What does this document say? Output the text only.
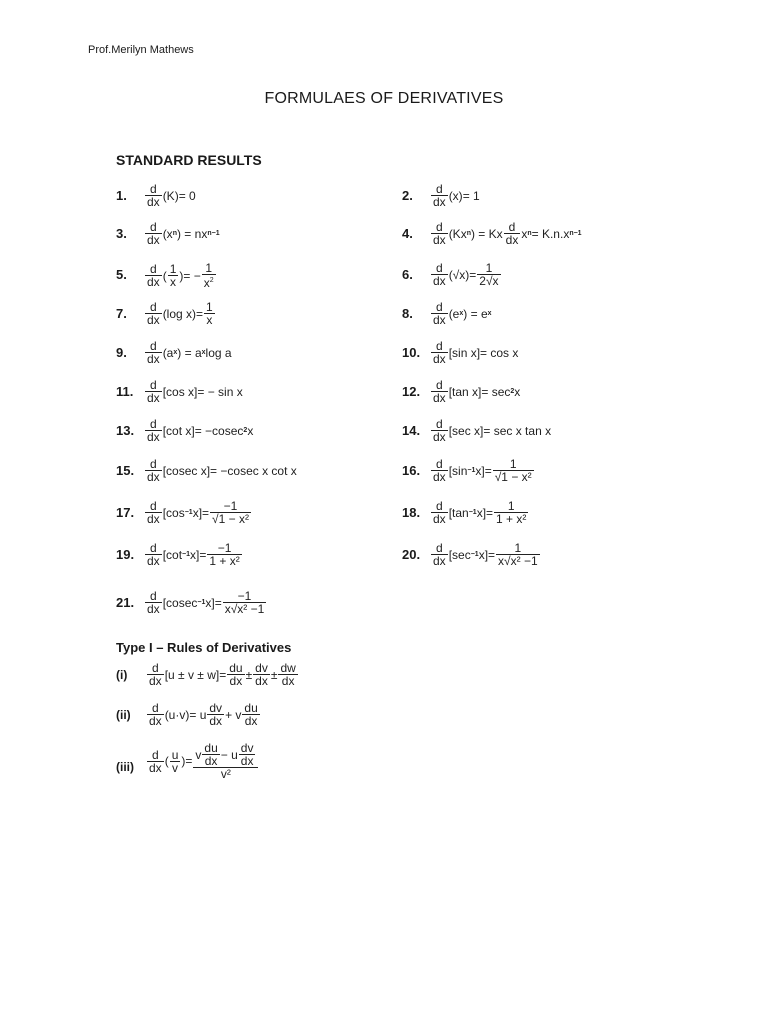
Prof.Merilyn Mathews
FORMULAES OF DERIVATIVES
STANDARD RESULTS
1. $\frac{d}{dx} (K) = 0$	2. $\frac{d}{dx} (x) = 1$
3. $\frac{d}{dx} (x$ n ) = nx n−1	4. $\frac{d}{dx} (Kx$ n ) = K x $\frac{d}{dx}$ x n = K.n.x n−1
5. $\frac{d}{dx}$ ( $\frac{1}{x}$ ) = − $\frac{1}{x^2}$	6. $\frac{d}{dx} (√x) = \frac{1}{2√x}$
7. $\frac{d}{dx} (\log$ $x) = \frac{1}{x}$	8. $\frac{d}{dx} (e$ x ) = e x
9. $\frac{d}{dx} (a$ x ) = a x log a	10. $\frac{d}{dx} [\sin$ x] = cos x
11. $\frac{d}{dx} [\cos$ x] = − sin x	12. $\frac{d}{dx} [\tan$ x] = sec 2 x
13. $\frac{d}{dx} [\cot$ x] = −cosec 2 x	14. $\frac{d}{dx} [\sec$ x] = sec x tan x
15. $\frac{d}{dx} [cosec$ x] = −cosec x cot x	16. $\frac{d}{dx} [\sin -1$ $x] = \frac{1}{\text{√1 − x²}}$
17. $\frac{d}{dx} [\cos -1$ $x] = \frac{-1}{\text{√1 − x²}}$	18. $\frac{d}{dx} [\tan -1$ $x] = \frac{1}{\text{1 + x²}}$
19. $\frac{d}{dx} [\cot -1$ $x] = \frac{-1}{\text{1 + x²}}$	20. $\frac{d}{dx} [\sec -1$ $x] = \frac{1}{\text{x√x² −1}}$
21. $\frac{d}{dx} [cosec -1$ $x] = \frac{-1}{\text{x√x² −1}}$
Type I – Rules of Derivatives
$(i) \frac{d}{dx} [u \pm v \pm w] = \frac{du}{dx} \pm \frac{dv}{dx} \pm \frac{dw}{dx}$
$(ii) \frac{d}{dx} (u\cdot v) = u \frac{dv}{dx} + v \frac{du}{dx}$
$(iii) \frac{d}{dx}$ ( $\frac{u}{v}$ ) = $\frac{v \frac{du}{dx} - u \frac{dv}{dx}}{\text{v²}}$
